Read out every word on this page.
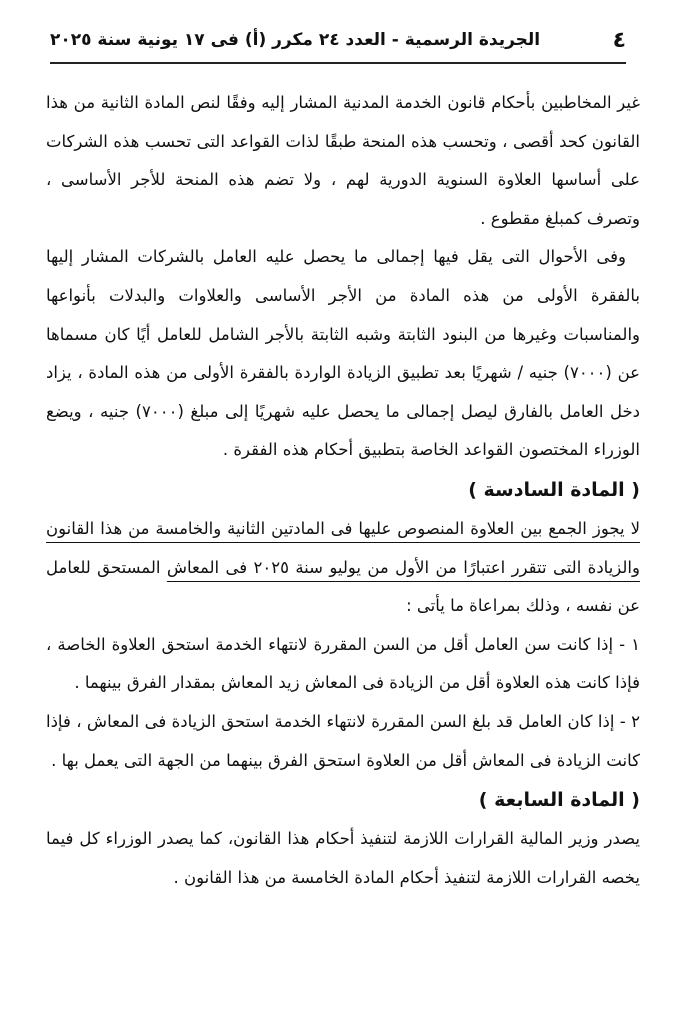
٤
الجريدة الرسمية - العدد ٢٤ مكرر (أ) فى ١٧ يونية سنة ٢٠٢٥

غير المخاطبين بأحكام قانون الخدمة المدنية المشار إليه وفقًا لنص المادة الثانية من هذا القانون كحد أقصى ، وتحسب هذه المنحة طبقًا لذات القواعد التى تحسب هذه الشركات على أساسها العلاوة السنوية الدورية لهم ، ولا تضم هذه المنحة للأجر الأساسى ، وتصرف كمبلغ مقطوع .

وفى الأحوال التى يقل فيها إجمالى ما يحصل عليه العامل بالشركات المشار إليها بالفقرة الأولى من هذه المادة من الأجر الأساسى والعلاوات والبدلات بأنواعها والمناسبات وغيرها من البنود الثابتة وشبه الثابتة بالأجر الشامل للعامل أيًا كان مسماها عن (٧٠٠٠) جنيه / شهريًا بعد تطبيق الزيادة الواردة بالفقرة الأولى من هذه المادة ، يزاد دخل العامل بالفارق ليصل إجمالى ما يحصل عليه شهريًا إلى مبلغ (٧٠٠٠) جنيه ، ويضع الوزراء المختصون القواعد الخاصة بتطبيق أحكام هذه الفقرة .

( المادة السادسة )

لا يجوز الجمع بين العلاوة المنصوص عليها فى المادتين الثانية والخامسة من هذا القانون والزيادة التى تتقرر اعتبارًا من الأول من يوليو سنة ٢٠٢٥ فى المعاش المستحق للعامل عن نفسه ، وذلك بمراعاة ما يأتى :

١ - إذا كانت سن العامل أقل من السن المقررة لانتهاء الخدمة استحق العلاوة الخاصة ، فإذا كانت هذه العلاوة أقل من الزيادة فى المعاش زيد المعاش بمقدار الفرق بينهما .

٢ - إذا كان العامل قد بلغ السن المقررة لانتهاء الخدمة استحق الزيادة فى المعاش ، فإذا كانت الزيادة فى المعاش أقل من العلاوة استحق الفرق بينهما من الجهة التى يعمل بها .

( المادة السابعة )

يصدر وزير المالية القرارات اللازمة لتنفيذ أحكام هذا القانون، كما يصدر الوزراء كل فيما يخصه القرارات اللازمة لتنفيذ أحكام المادة الخامسة من هذا القانون .
